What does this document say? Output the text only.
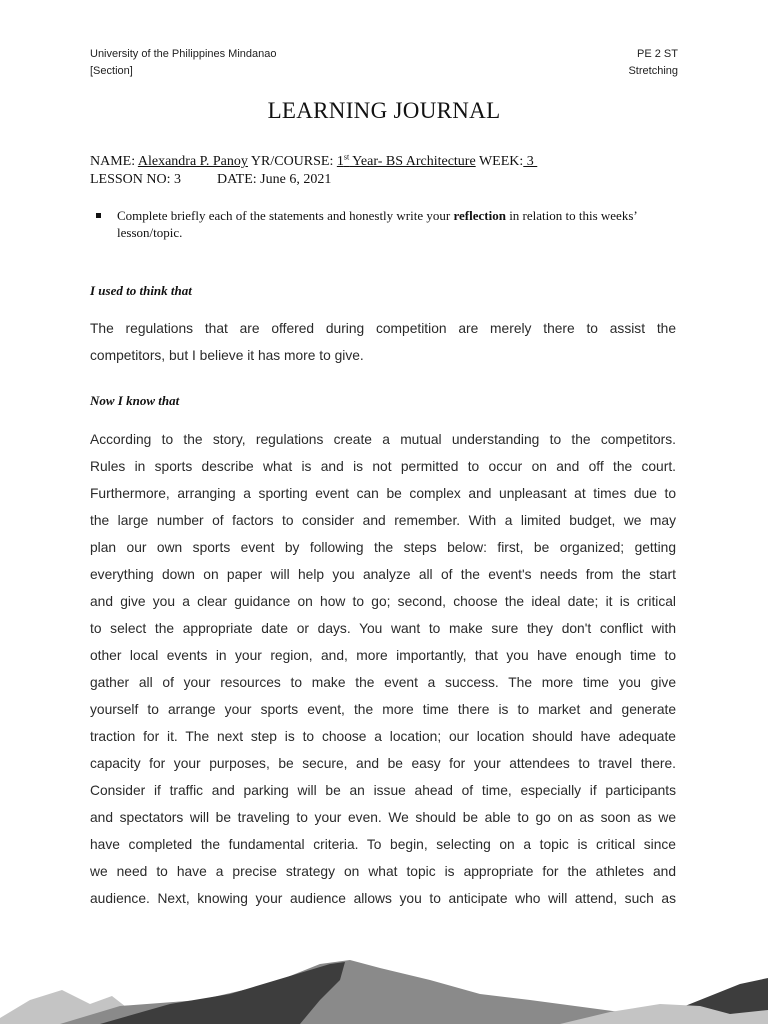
University of the Philippines Mindanao
[Section]
PE 2 ST
Stretching
LEARNING JOURNAL
NAME: Alexandra P. Panoy YR/COURSE: 1st Year- BS Architecture WEEK: 3
LESSON NO: 3	DATE: June 6, 2021
Complete briefly each of the statements and honestly write your reflection in relation to this weeks’ lesson/topic.
I used to think that
The regulations that are offered during competition are merely there to assist the
competitors, but I believe it has more to give.
Now I know that
According to the story, regulations create a mutual understanding to the competitors.
Rules in sports describe what is and is not permitted to occur on and off the court.
Furthermore, arranging a sporting event can be complex and unpleasant at times due to
the large number of factors to consider and remember. With a limited budget, we may
plan our own sports event by following the steps below: first, be organized; getting
everything down on paper will help you analyze all of the event's needs from the start
and give you a clear guidance on how to go; second, choose the ideal date; it is critical
to select the appropriate date or days. You want to make sure they don't conflict with
other local events in your region, and, more importantly, that you have enough time to
gather all of your resources to make the event a success. The more time you give
yourself to arrange your sports event, the more time there is to market and generate
traction for it. The next step is to choose a location; our location should have adequate
capacity for your purposes, be secure, and be easy for your attendees to travel there.
Consider if traffic and parking will be an issue ahead of time, especially if participants
and spectators will be traveling to your even. We should be able to go on as soon as we
have completed the fundamental criteria. To begin, selecting on a topic is critical since
we need to have a precise strategy on what topic is appropriate for the athletes and
audience. Next, knowing your audience allows you to anticipate who will attend, such as
